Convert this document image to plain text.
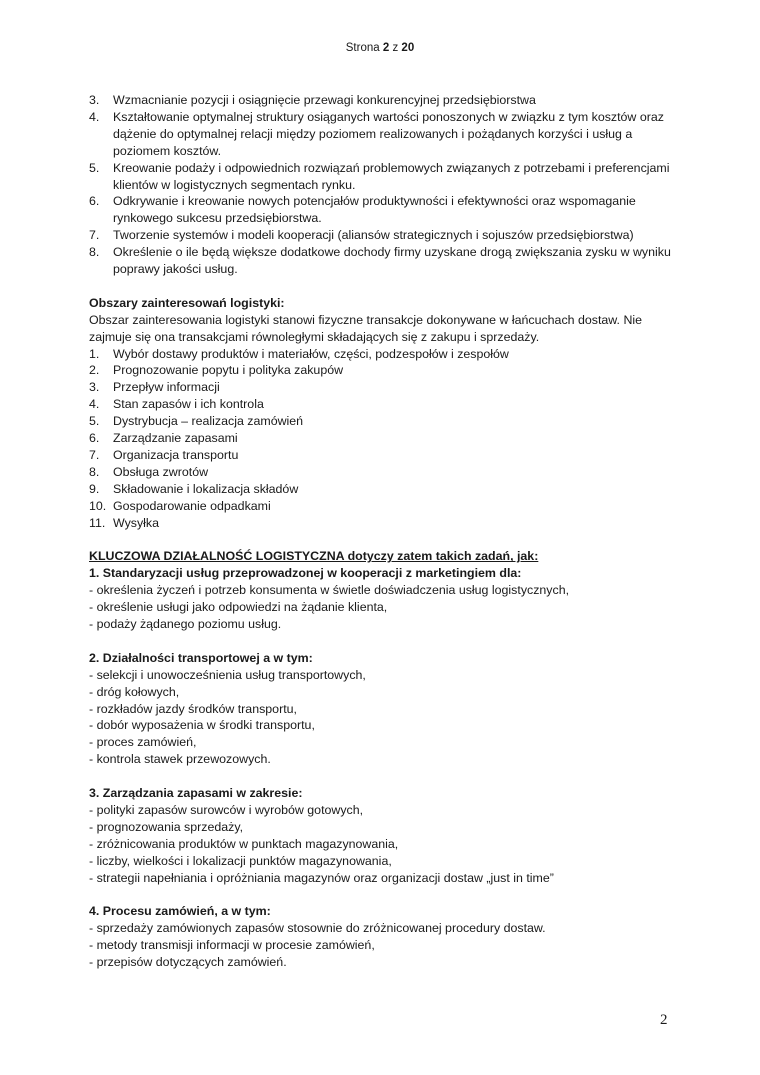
Strona 2 z 20
3.	Wzmacnianie pozycji i osiągnięcie przewagi konkurencyjnej przedsiębiorstwa
4.	Kształtowanie optymalnej struktury osiąganych wartości ponoszonych w związku z tym kosztów oraz dążenie do optymalnej relacji między poziomem realizowanych i pożądanych korzyści i usług a poziomem kosztów.
5.	Kreowanie podaży i odpowiednich rozwiązań problemowych związanych z potrzebami i preferencjami klientów w logistycznych segmentach rynku.
6.	Odkrywanie i kreowanie nowych potencjałów produktywności i efektywności oraz wspomaganie rynkowego sukcesu przedsiębiorstwa.
7.	Tworzenie systemów i modeli kooperacji (aliansów strategicznych i sojuszów przedsiębiorstwa)
8.	Określenie o ile będą większe dodatkowe dochody firmy uzyskane drogą zwiększania zysku w wyniku poprawy jakości usług.
Obszary zainteresowań logistyki:
Obszar zainteresowania logistyki stanowi fizyczne transakcje dokonywane w łańcuchach dostaw. Nie zajmuje się ona transakcjami równoległymi składających się z zakupu i sprzedaży.
1.	Wybór dostawy produktów i materiałów, części, podzespołów i zespołów
2.	Prognozowanie popytu i polityka zakupów
3.	Przepływ informacji
4.	Stan zapasów i ich kontrola
5.	Dystrybucja – realizacja zamówień
6.	Zarządzanie zapasami
7.	Organizacja transportu
8.	Obsługa zwrotów
9.	Składowanie i lokalizacja składów
10. Gospodarowanie odpadkami
11. Wysyłka
KLUCZOWA DZIAŁALNOŚĆ LOGISTYCZNA dotyczy zatem takich zadań, jak:
1. Standaryzacji usług przeprowadzonej w kooperacji z marketingiem dla:
- określenia życzeń i potrzeb konsumenta w świetle doświadczenia usług logistycznych,
- określenie usługi jako odpowiedzi na żądanie klienta,
- podaży żądanego poziomu usług.
2. Działalności transportowej a w tym:
- selekcji i unowocześnienia usług transportowych,
- dróg kołowych,
- rozkładów jazdy środków transportu,
- dobór wyposażenia w środki transportu,
- proces zamówień,
- kontrola stawek przewozowych.
3. Zarządzania zapasami w zakresie:
- polityki zapasów surowców i wyrobów gotowych,
- prognozowania sprzedaży,
- zróżnicowania produktów w punktach magazynowania,
- liczby, wielkości i lokalizacji punktów magazynowania,
- strategii napełniania i opróżniania magazynów oraz organizacji dostaw „just in time”
4. Procesu zamówień, a w tym:
- sprzedaży zamówionych zapasów stosownie do zróżnicowanej procedury dostaw.
- metody transmisji informacji w procesie zamówień,
- przepisów dotyczących zamówień.
2
